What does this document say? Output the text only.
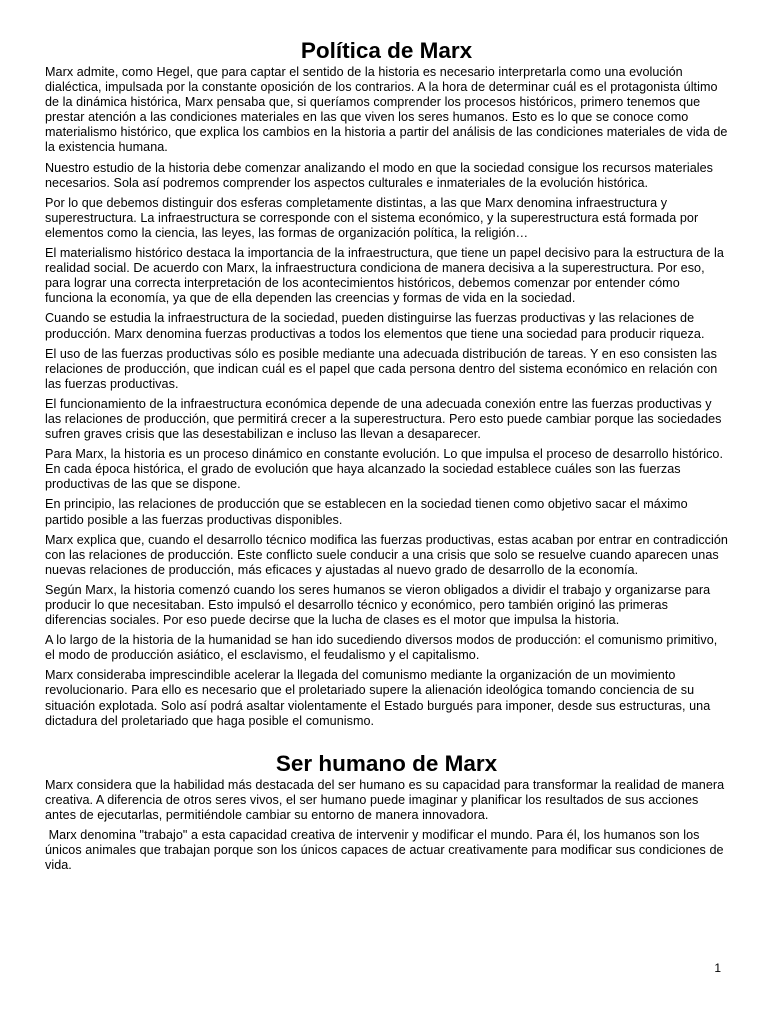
Política de Marx

Marx admite, como Hegel, que para captar el sentido de la historia es necesario interpretarla como una evolución dialéctica, impulsada por la constante oposición de los contrarios. A la hora de determinar cuál es el protagonista último de la dinámica histórica, Marx pensaba que, si queríamos comprender los procesos históricos, primero tenemos que prestar atención a las condiciones materiales en las que viven los seres humanos. Esto es lo que se conoce como materialismo histórico, que explica los cambios en la historia a partir del análisis de las condiciones materiales de vida de la existencia humana.

Nuestro estudio de la historia debe comenzar analizando el modo en que la sociedad consigue los recursos materiales necesarios. Sola así podremos comprender los aspectos culturales e inmateriales de la evolución histórica.

Por lo que debemos distinguir dos esferas completamente distintas, a las que Marx denomina infraestructura y superestructura. La infraestructura se corresponde con el sistema económico, y la superestructura está formada por elementos como la ciencia, las leyes, las formas de organización política, la religión…

El materialismo histórico destaca la importancia de la infraestructura, que tiene un papel decisivo para la estructura de la realidad social. De acuerdo con Marx, la infraestructura condiciona de manera decisiva a la superestructura. Por eso, para lograr una correcta interpretación de los acontecimientos históricos, debemos comenzar por entender cómo funciona la economía, ya que de ella dependen las creencias y formas de vida en la sociedad.

Cuando se estudia la infraestructura de la sociedad, pueden distinguirse las fuerzas productivas y las relaciones de producción. Marx denomina fuerzas productivas a todos los elementos que tiene una sociedad para producir riqueza.

El uso de las fuerzas productivas sólo es posible mediante una adecuada distribución de tareas. Y en eso consisten las relaciones de producción, que indican cuál es el papel que cada persona dentro del sistema económico en relación con las fuerzas productivas.

El funcionamiento de la infraestructura económica depende de una adecuada conexión entre las fuerzas productivas y las relaciones de producción, que permitirá crecer a la superestructura. Pero esto puede cambiar porque las sociedades sufren graves crisis que las desestabilizan e incluso las llevan a desaparecer.

Para Marx, la historia es un proceso dinámico en constante evolución. Lo que impulsa el proceso de desarrollo histórico. En cada época histórica, el grado de evolución que haya alcanzado la sociedad establece cuáles son las fuerzas productivas de las que se dispone.

En principio, las relaciones de producción que se establecen en la sociedad tienen como objetivo sacar el máximo partido posible a las fuerzas productivas disponibles.

Marx explica que, cuando el desarrollo técnico modifica las fuerzas productivas, estas acaban por entrar en contradicción con las relaciones de producción. Este conflicto suele conducir a una crisis que solo se resuelve cuando aparecen unas nuevas relaciones de producción, más eficaces y ajustadas al nuevo grado de desarrollo de la economía.

Según Marx, la historia comenzó cuando los seres humanos se vieron obligados a dividir el trabajo y organizarse para producir lo que necesitaban. Esto impulsó el desarrollo técnico y económico, pero también originó las primeras diferencias sociales. Por eso puede decirse que la lucha de clases es el motor que impulsa la historia.

A lo largo de la historia de la humanidad se han ido sucediendo diversos modos de producción: el comunismo primitivo, el modo de producción asiático, el esclavismo, el feudalismo y el capitalismo.

Marx consideraba imprescindible acelerar la llegada del comunismo mediante la organización de un movimiento revolucionario. Para ello es necesario que el proletariado supere la alienación ideológica tomando conciencia de su situación explotada. Solo así podrá asaltar violentamente el Estado burgués para imponer, desde sus estructuras, una dictadura del proletariado que haga posible el comunismo.

Ser humano de Marx

Marx considera que la habilidad más destacada del ser humano es su capacidad para transformar la realidad de manera creativa. A diferencia de otros seres vivos, el ser humano puede imaginar y planificar los resultados de sus acciones antes de ejecutarlas, permitiéndole cambiar su entorno de manera innovadora.

Marx denomina "trabajo" a esta capacidad creativa de intervenir y modificar el mundo. Para él, los humanos son los únicos animales que trabajan porque son los únicos capaces de actuar creativamente para modificar sus condiciones de vida.

1
